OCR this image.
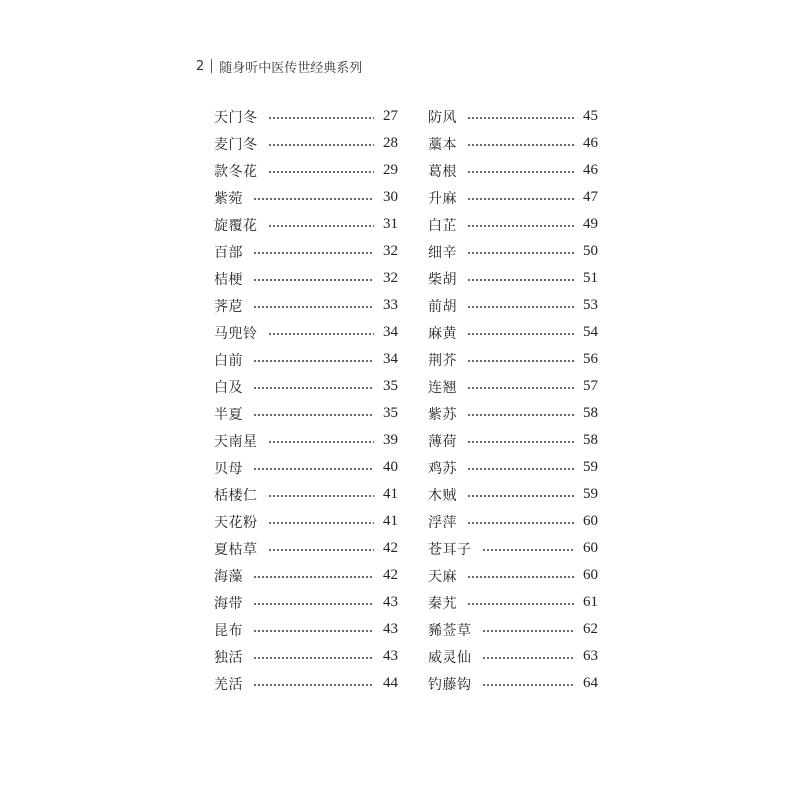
2 随身听中医传世经典系列
天门冬	27
麦门冬	28
款冬花	29
紫菀	30
旋覆花	31
百部	32
桔梗	32
荠苨	33
马兜铃	34
白前	34
白及	35
半夏	35
天南星	39
贝母	40
栝楼仁	41
天花粉	41
夏枯草	42
海藻	42
海带	43
昆布	43
独活	43
羌活	44
防风	45
藁本	46
葛根	46
升麻	47
白芷	49
细辛	50
柴胡	51
前胡	53
麻黄	54
荆芥	56
连翘	57
紫苏	58
薄荷	58
鸡苏	59
木贼	59
浮萍	60
苍耳子	60
天麻	60
秦艽	61
豨莶草	62
威灵仙	63
钓藤钩	64
